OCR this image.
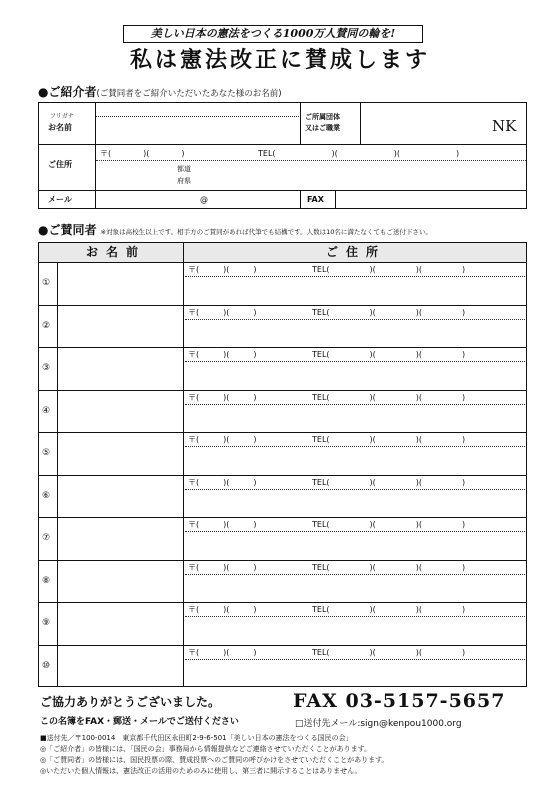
美しい日本の憲法をつくる1000万人賛同の輪を!
私は憲法改正に賛成します
●ご紹介者(ご賛同者をご紹介いただいたあなた様のお名前)
フリガナ
お名前
ご所属団体
又はご職業	NK
ご住所
〒(　　　　)(　　　　)	TEL(　　　　　　　)(　　　　　　　)(　　　　　　　)
都道
府県
メール	@	FAX
●ご賛同者 ※対象は高校生以上です。相手方のご賛同があれば代筆でも結構です。人数は10名に満たなくてもご送付下さい。
お名前	ご住所
①
〒(　　　)(　　　)	TEL(　　　　　)(　　　　　)(　　　　　)
②
〒(　　　)(　　　)	TEL(　　　　　)(　　　　　)(　　　　　)
③
〒(　　　)(　　　)	TEL(　　　　　)(　　　　　)(　　　　　)
④
〒(　　　)(　　　)	TEL(　　　　　)(　　　　　)(　　　　　)
⑤
〒(　　　)(　　　)	TEL(　　　　　)(　　　　　)(　　　　　)
⑥
〒(　　　)(　　　)	TEL(　　　　　)(　　　　　)(　　　　　)
⑦
〒(　　　)(　　　)	TEL(　　　　　)(　　　　　)(　　　　　)
⑧
〒(　　　)(　　　)	TEL(　　　　　)(　　　　　)(　　　　　)
⑨
〒(　　　)(　　　)	TEL(　　　　　)(　　　　　)(　　　　　)
⑩
〒(　　　)(　　　)	TEL(　　　　　)(　　　　　)(　　　　　)
ご協力ありがとうございました。	FAX 03-5157-5657
この名簿をFAX・郵送・メールでご送付ください	□送付先メール:sign@kenpou1000.org
■送付先／〒100-0014　東京都千代田区永田町2-9-6-501「美しい日本の憲法をつくる国民の会」
◎「ご紹介者」の皆様には、「国民の会」事務局から情報提供などご連絡させていただくことがあります。
◎「ご賛同者」の皆様には、国民投票の際、賛成投票へのご賛同の呼びかけをさせていただくことがあります。
◎いただいた個人情報は、憲法改正の活用のためのみに使用し、第三者に開示することはありません。
